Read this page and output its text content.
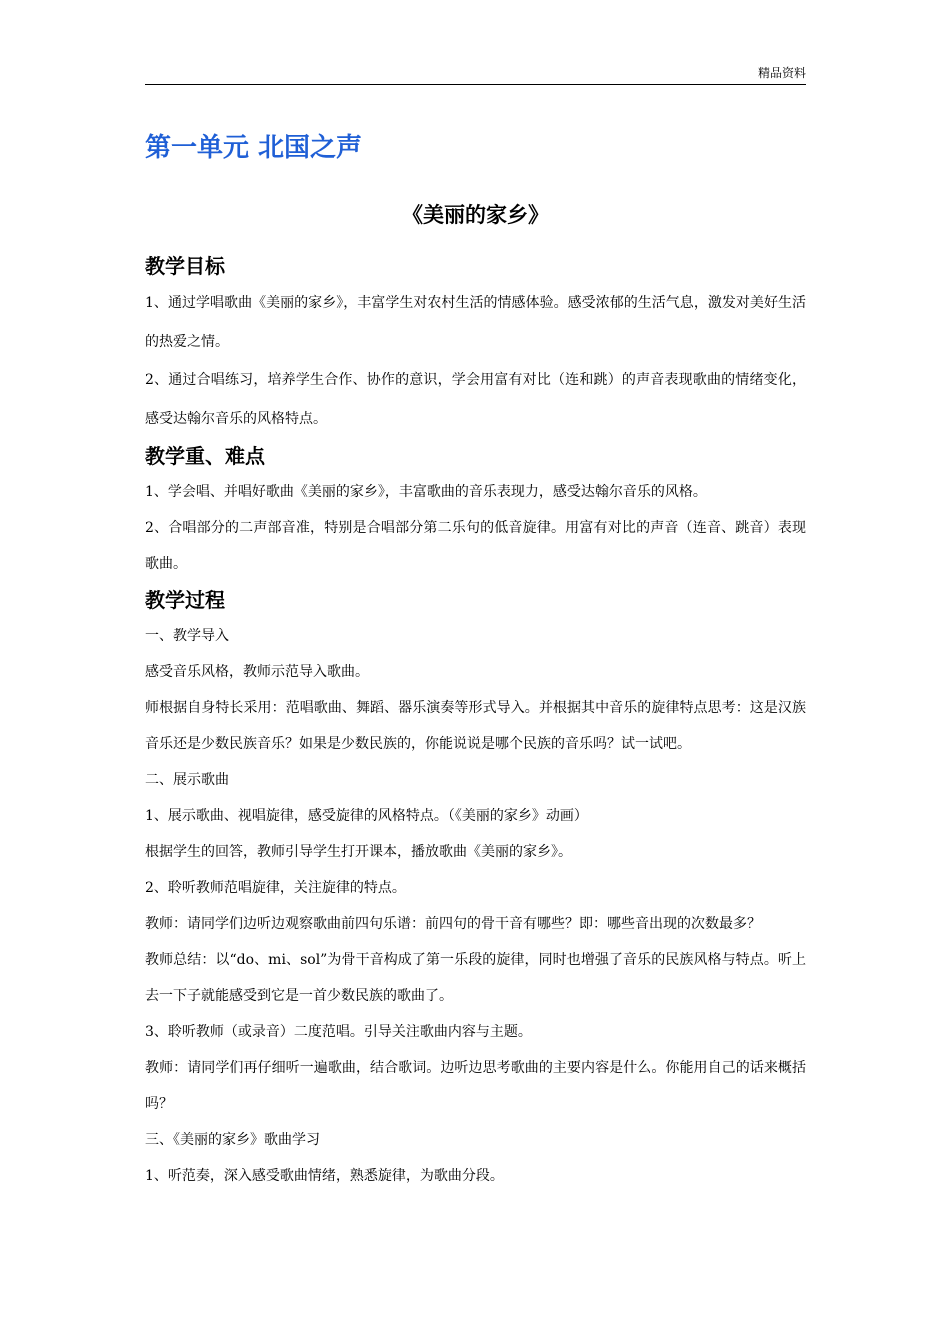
精品资料
第一单元 北国之声
《美丽的家乡》
教学目标

1、通过学唱歌曲《美丽的家乡》，丰富学生对农村生活的情感体验。感受浓郁的生活气息，激发对美好生活的热爱之情。

2、通过合唱练习，培养学生合作、协作的意识，学会用富有对比（连和跳）的声音表现歌曲的情绪变化，感受达翰尔音乐的风格特点。

教学重、难点

1、学会唱、并唱好歌曲《美丽的家乡》，丰富歌曲的音乐表现力，感受达翰尔音乐的风格。

2、合唱部分的二声部音准，特别是合唱部分第二乐句的低音旋律。用富有对比的声音（连音、跳音）表现歌曲。

教学过程

一、教学导入

感受音乐风格，教师示范导入歌曲。

师根据自身特长采用：范唱歌曲、舞蹈、器乐演奏等形式导入。并根据其中音乐的旋律特点思考：这是汉族音乐还是少数民族音乐？如果是少数民族的，你能说说是哪个民族的音乐吗？试一试吧。

二、展示歌曲

1、展示歌曲、视唱旋律，感受旋律的风格特点。（《美丽的家乡》动画）

根据学生的回答，教师引导学生打开课本，播放歌曲《美丽的家乡》。

2、聆听教师范唱旋律，关注旋律的特点。

教师：请同学们边听边观察歌曲前四句乐谱：前四句的骨干音有哪些？即：哪些音出现的次数最多？

教师总结：以“do、mi、sol”为骨干音构成了第一乐段的旋律，同时也增强了音乐的民族风格与特点。听上去一下子就能感受到它是一首少数民族的歌曲了。

3、聆听教师（或录音）二度范唱。引导关注歌曲内容与主题。

教师：请同学们再仔细听一遍歌曲，结合歌词。边听边思考歌曲的主要内容是什么。你能用自己的话来概括吗？

三、《美丽的家乡》歌曲学习

1、听范奏，深入感受歌曲情绪，熟悉旋律，为歌曲分段。
